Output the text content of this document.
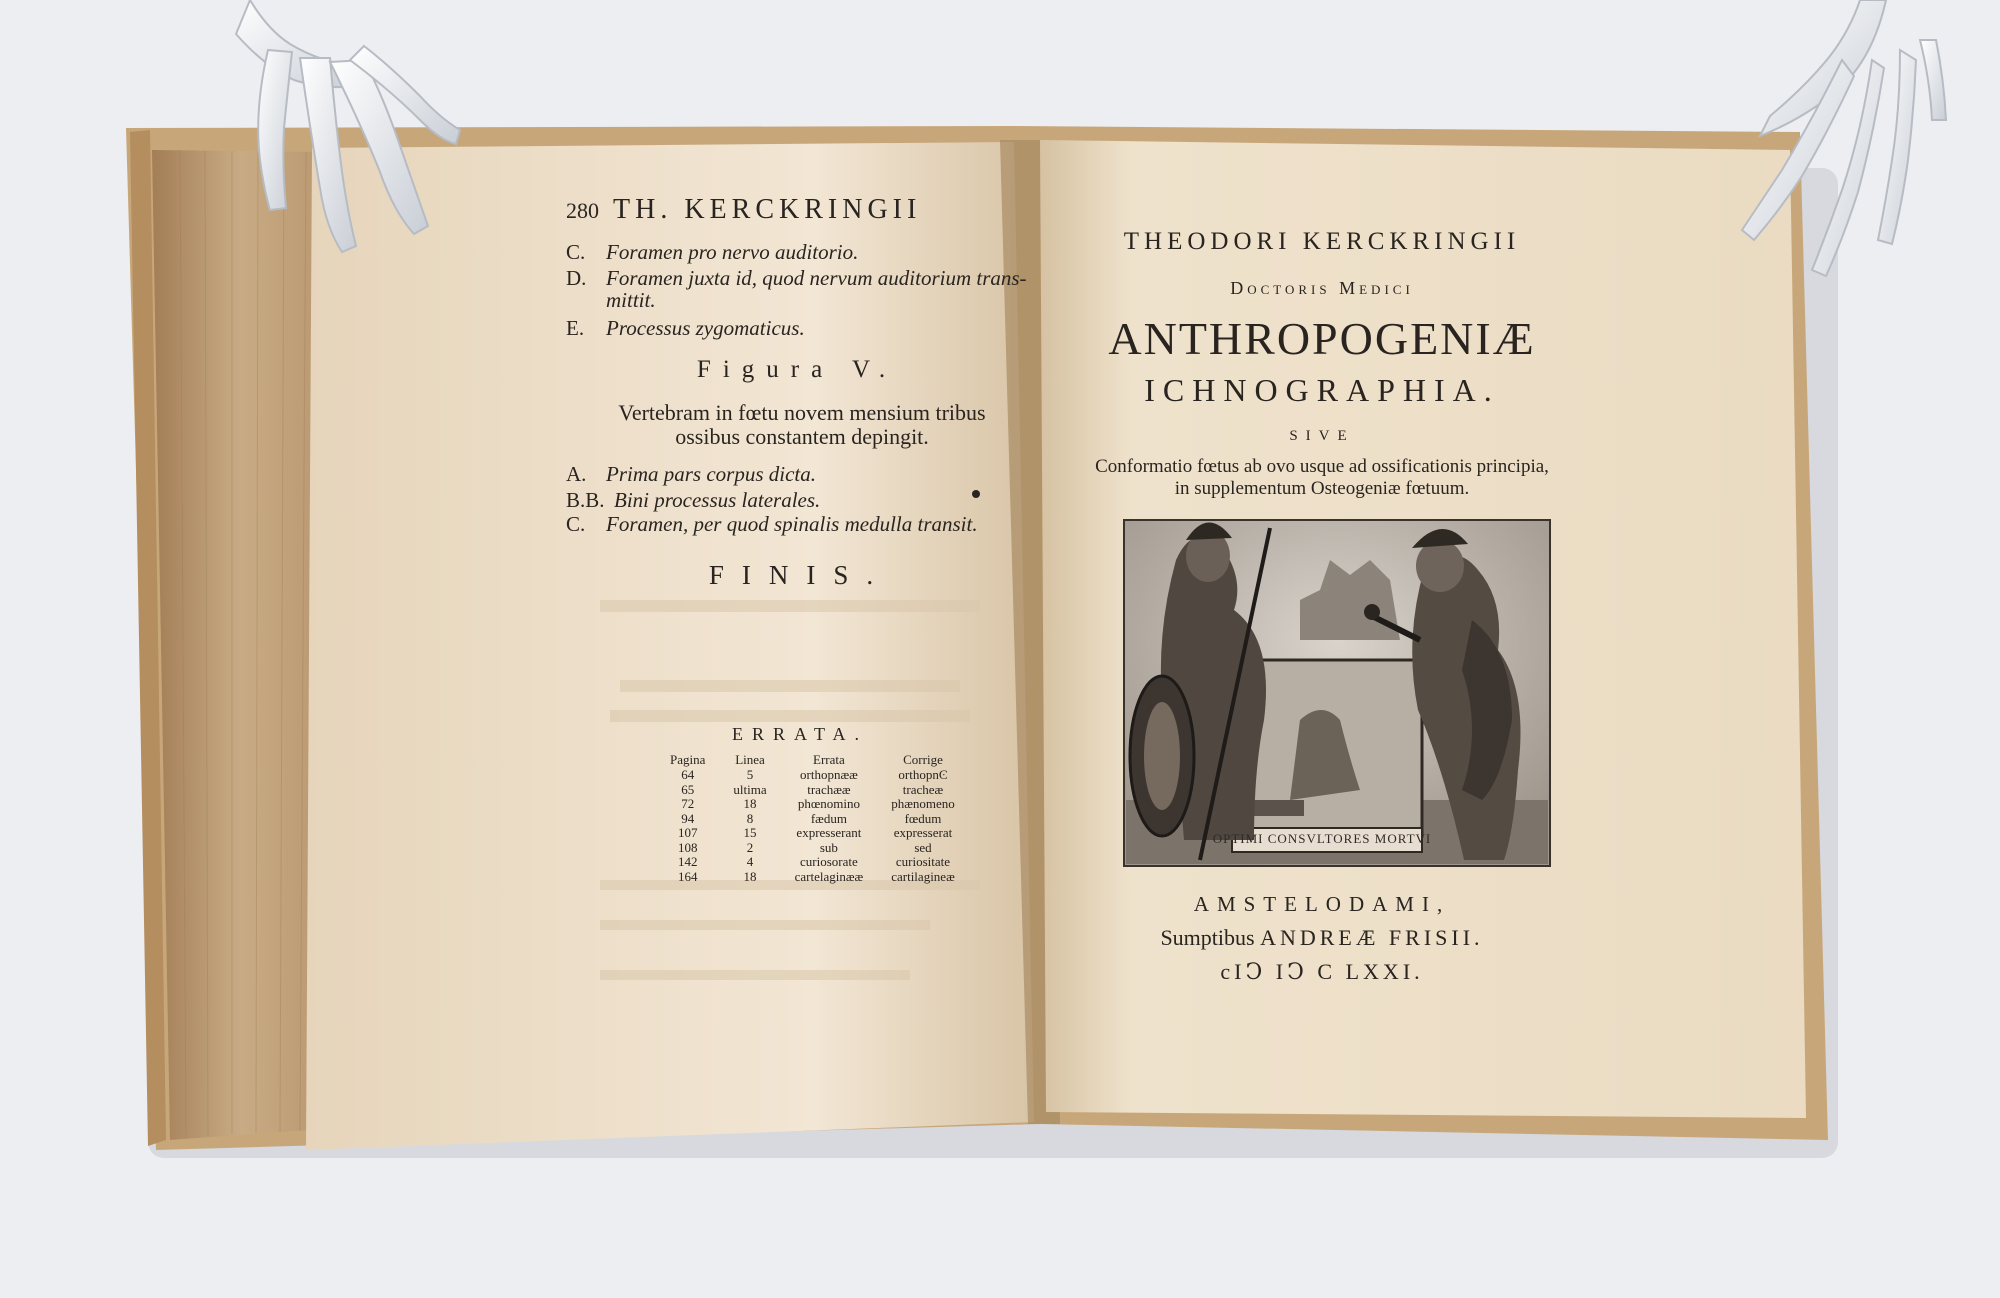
280 TH. KERCKRINGII
C. Foramen pro nervo auditorio.
D. Foramen juxta id, quod nervum auditorium trans-
mittit.
E. Processus zygomaticus.
Figura V.
Vertebram in fœtu novem mensium tribus
ossibus constantem depingit.
A. Prima pars corpus dicta.
B.B. Bini processus laterales.
C. Foramen, per quod spinalis medulla transit.
FINIS.
ERRATA.
Pagina	Linea	Errata	Corrige
64	5	orthopnææ	orthopnϾ
65	ultima	trachææ	tracheæ
72	18	phœnomino	phænomeno
94	8	fædum	fœdum
107	15	expresserant	expresserat
108	2	sub	sed
142	4	curiosorate	curiositate
164	18	cartelaginææ	cartilagineæ
THEODORI KERCKRINGII
Doctoris Medici
ANTHROPOGENIÆ
ICHNOGRAPHIA.
SIVE
Conformatio fœtus ab ovo usque ad ossificationis principia,
in supplementum Osteogeniæ fœtuum.
OPTIMI CONSVLTORES MORTVI
AMSTELODAMI,
Sumptibus ANDREÆ FRISII.
cIↃ IↃ C LXXI.
